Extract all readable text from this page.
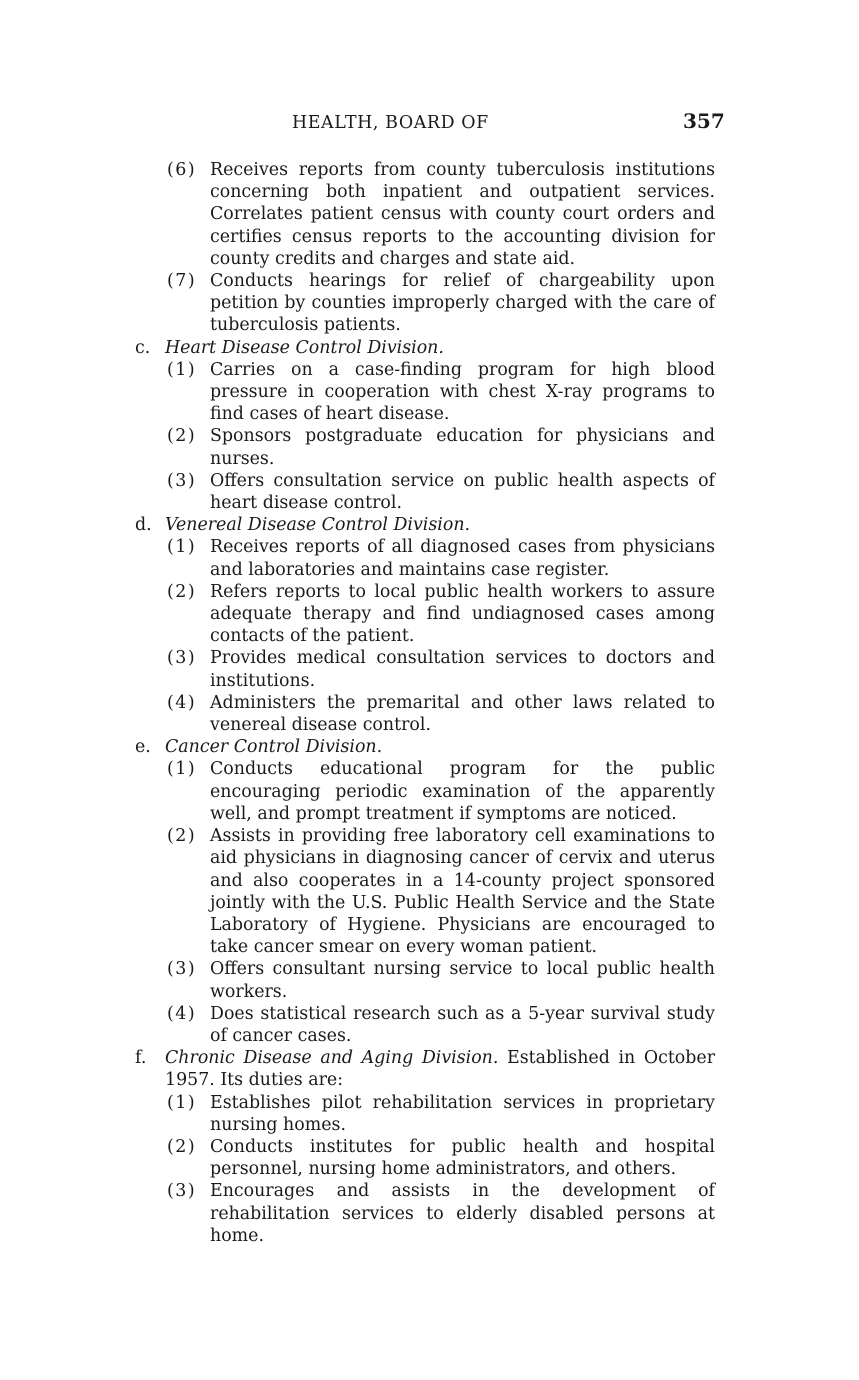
HEALTH, BOARD OF	357
(6) Receives reports from county tuberculosis institutions concerning both inpatient and outpatient services. Correlates patient census with county court orders and certifies census reports to the accounting division for county credits and charges and state aid.
(7) Conducts hearings for relief of chargeability upon petition by counties improperly charged with the care of tuberculosis patients.
c. Heart Disease Control Division.
(1) Carries on a case-finding program for high blood pressure in cooperation with chest X-ray programs to find cases of heart disease.
(2) Sponsors postgraduate education for physicians and nurses.
(3) Offers consultation service on public health aspects of heart disease control.
d. Venereal Disease Control Division.
(1) Receives reports of all diagnosed cases from physicians and laboratories and maintains case register.
(2) Refers reports to local public health workers to assure adequate therapy and find undiagnosed cases among contacts of the patient.
(3) Provides medical consultation services to doctors and institutions.
(4) Administers the premarital and other laws related to venereal disease control.
e. Cancer Control Division.
(1) Conducts educational program for the public encouraging periodic examination of the apparently well, and prompt treatment if symptoms are noticed.
(2) Assists in providing free laboratory cell examinations to aid physicians in diagnosing cancer of cervix and uterus and also cooperates in a 14-county project sponsored jointly with the U.S. Public Health Service and the State Laboratory of Hygiene. Physicians are encouraged to take cancer smear on every woman patient.
(3) Offers consultant nursing service to local public health workers.
(4) Does statistical research such as a 5-year survival study of cancer cases.
f. Chronic Disease and Aging Division. Established in October 1957. Its duties are:
(1) Establishes pilot rehabilitation services in proprietary nursing homes.
(2) Conducts institutes for public health and hospital personnel, nursing home administrators, and others.
(3) Encourages and assists in the development of rehabilitation services to elderly disabled persons at home.
